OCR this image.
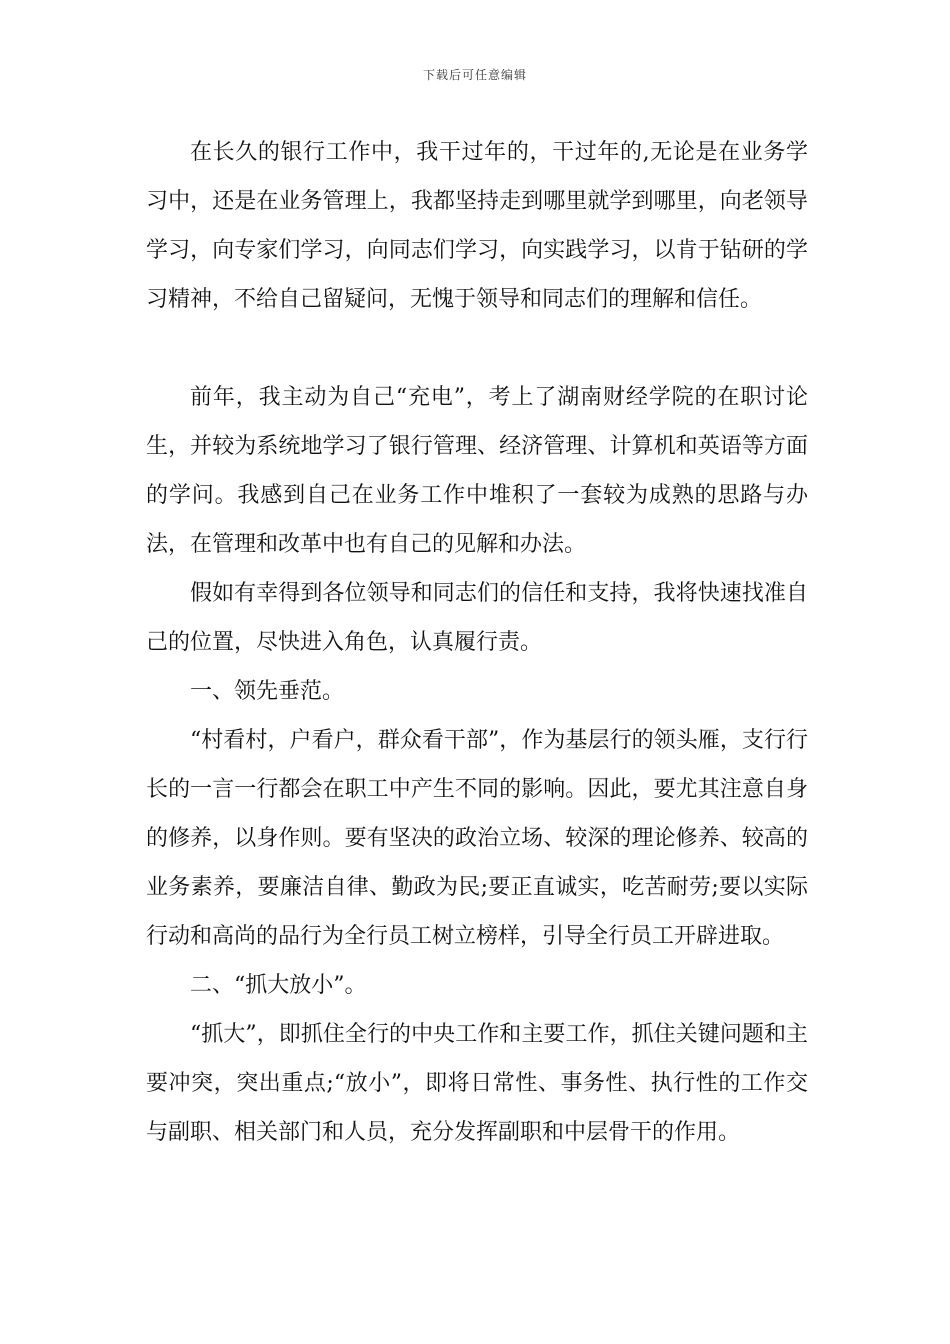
下载后可任意编辑

在长久的银行工作中，我干过年的，干过年的,无论是在业务学习中，还是在业务管理上，我都坚持走到哪里就学到哪里，向老领导学习，向专家们学习，向同志们学习，向实践学习，以肯于钻研的学习精神，不给自己留疑问，无愧于领导和同志们的理解和信任。

前年，我主动为自己“充电”，考上了湖南财经学院的在职讨论生，并较为系统地学习了银行管理、经济管理、计算机和英语等方面的学问。我感到自己在业务工作中堆积了一套较为成熟的思路与办法，在管理和改革中也有自己的见解和办法。

假如有幸得到各位领导和同志们的信任和支持，我将快速找准自己的位置，尽快进入角色，认真履行责。

一、领先垂范。

“村看村，户看户，群众看干部”，作为基层行的领头雁，支行行长的一言一行都会在职工中产生不同的影响。因此，要尤其注意自身的修养，以身作则。要有坚决的政治立场、较深的理论修养、较高的业务素养，要廉洁自律、勤政为民;要正直诚实，吃苦耐劳;要以实际行动和高尚的品行为全行员工树立榜样，引导全行员工开辟进取。

二、“抓大放小”。

“抓大”，即抓住全行的中央工作和主要工作，抓住关键问题和主要冲突，突出重点;“放小”，即将日常性、事务性、执行性的工作交与副职、相关部门和人员，充分发挥副职和中层骨干的作用。
